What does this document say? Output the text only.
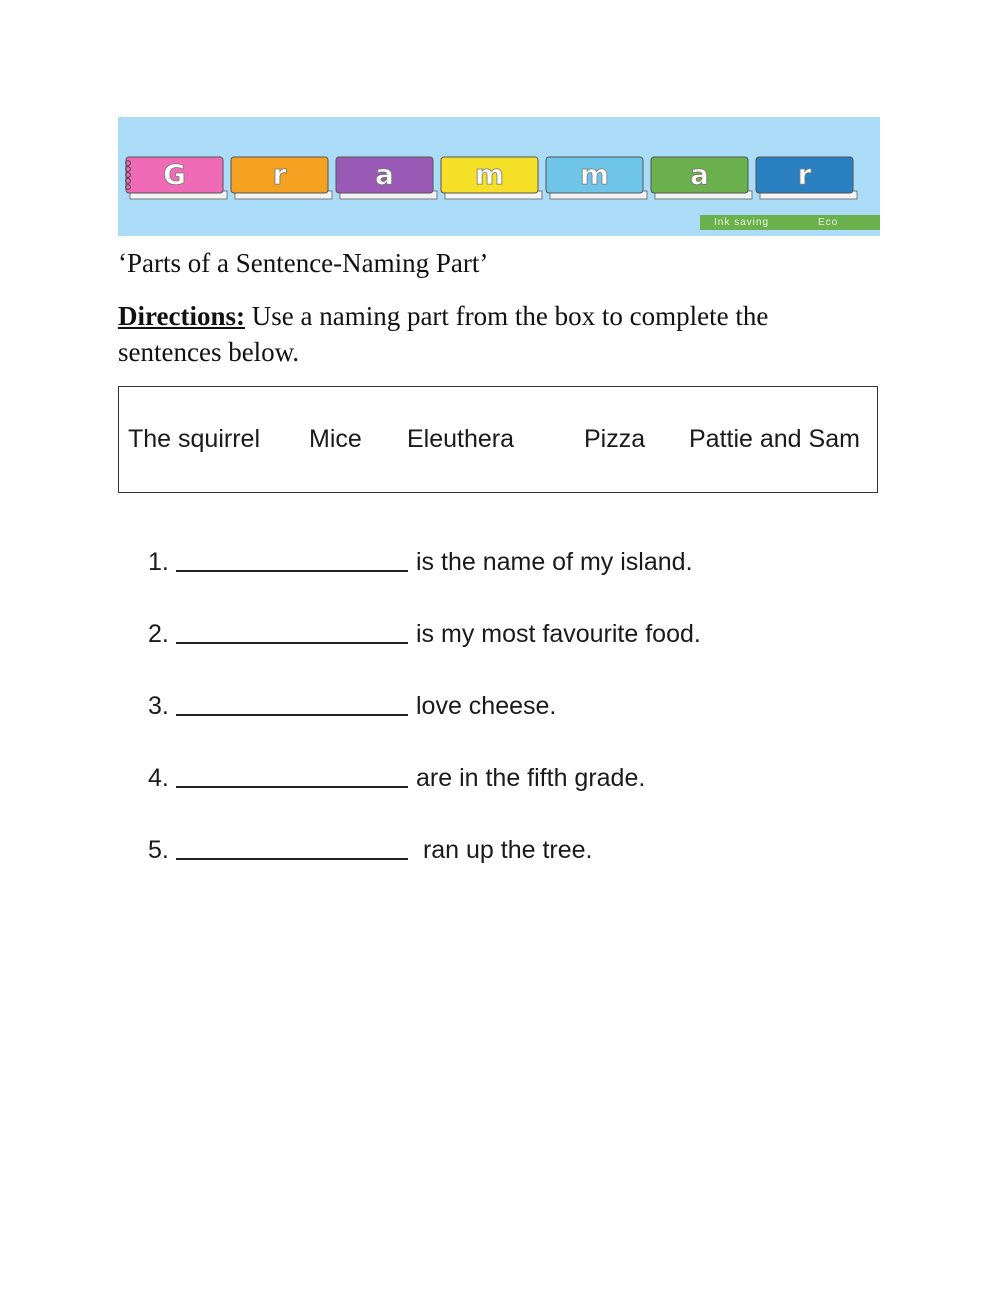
G	r	a	m	m	a	r
Ink saving	Eco
‘Parts of a Sentence-Naming Part’
Directions: Use a naming part from the box to complete the sentences below.
The squirrel Mice Eleuthera	Pizza Pattie and Sam
1.	is the name of my island.
2.	is my most favourite food.
3.	love cheese.
4.	are in the fifth grade.
5.	ran up the tree.
